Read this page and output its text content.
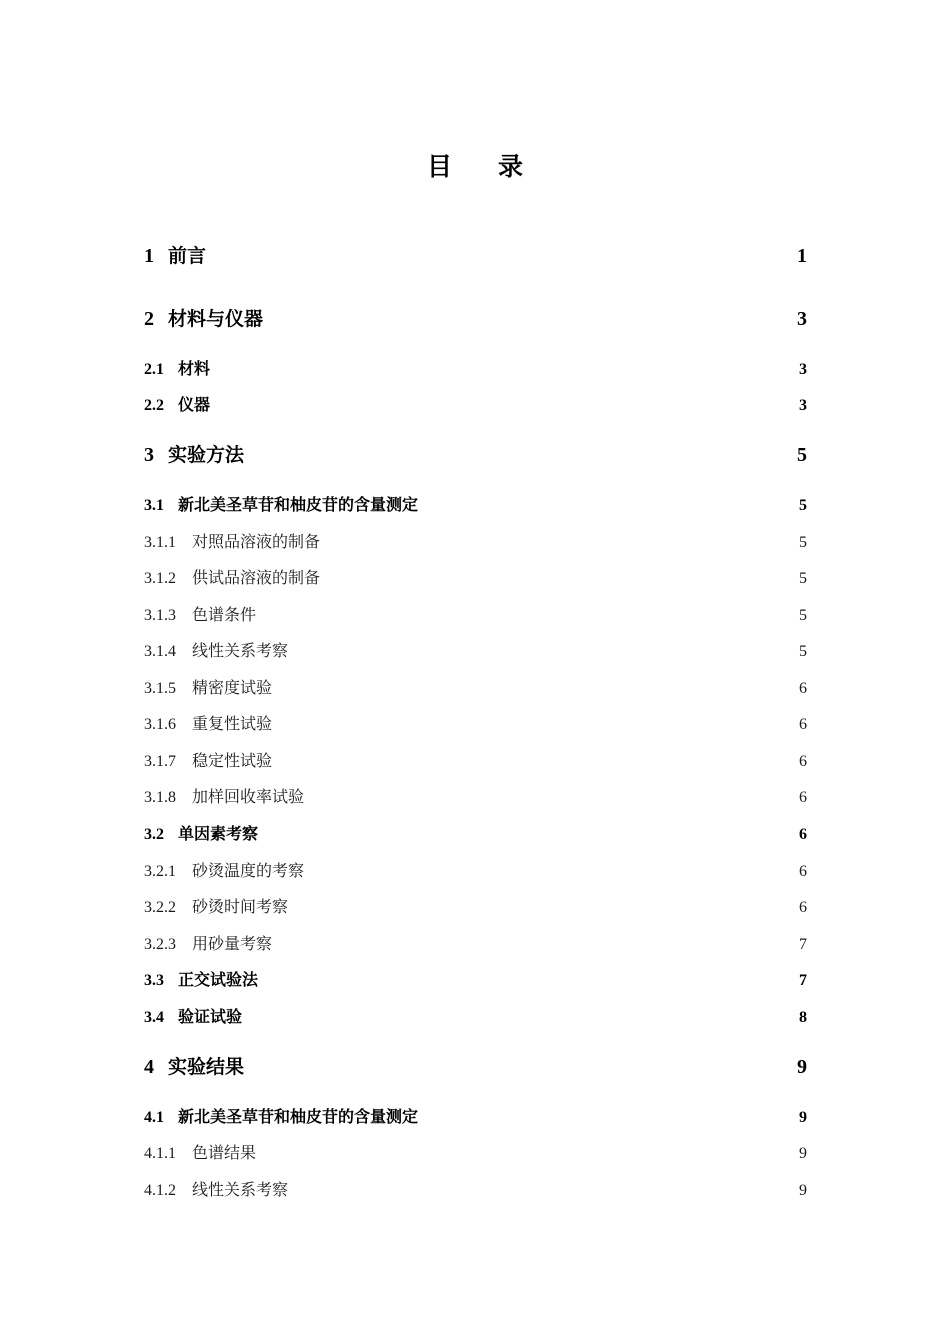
目 录
1 前言	1
2 材料与仪器	3
2.1 材料	3
2.2 仪器	3
3 实验方法	5
3.1 新北美圣草苷和柚皮苷的含量测定	5
3.1.1	对照品溶液的制备	5
3.1.2	供试品溶液的制备	5
3.1.3	色谱条件	5
3.1.4	线性关系考察	5
3.1.5	精密度试验	6
3.1.6	重复性试验	6
3.1.7	稳定性试验	6
3.1.8	加样回收率试验	6
3.2 单因素考察	6
3.2.1	砂烫温度的考察	6
3.2.2	砂烫时间考察	6
3.2.3	用砂量考察	7
3.3 正交试验法	7
3.4 验证试验	8
4 实验结果	9
4.1 新北美圣草苷和柚皮苷的含量测定	9
4.1.1	色谱结果	9
4.1.2	线性关系考察	9
